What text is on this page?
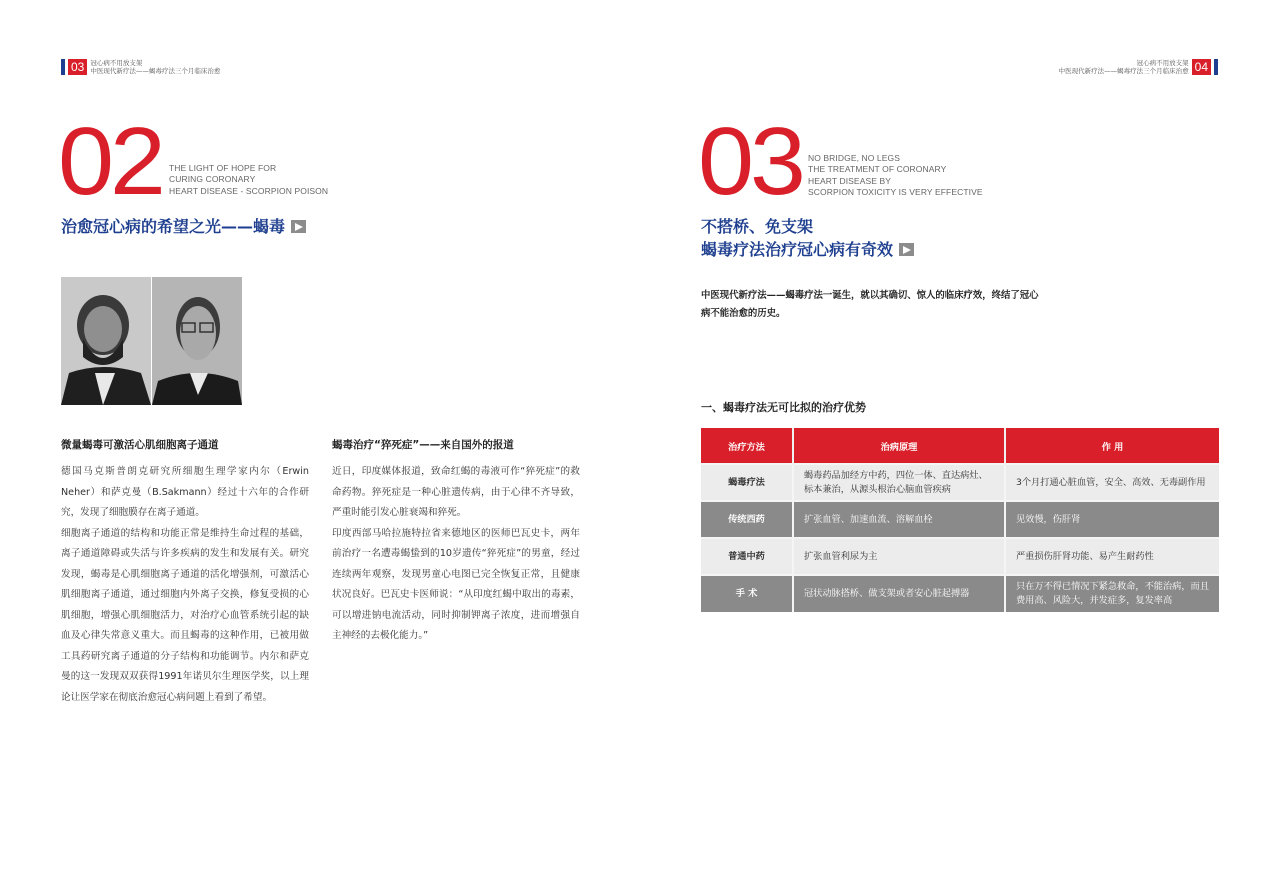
03 冠心病不用放支架
中医现代新疗法——蝎毒疗法三个月临床治愈
02 THE LIGHT OF HOPE FOR
CURING CORONARY
HEART DISEASE - SCORPION POISON
治愈冠心病的希望之光——蝎毒
微量蝎毒可激活心肌细胞离子通道

德国马克斯普朗克研究所细胞生理学家内尔（Erwin Neher）和萨克曼（B.Sakmann）经过十六年的合作研究，发现了细胞膜存在离子通道。

细胞离子通道的结构和功能正常是维持生命过程的基础，离子通道障碍或失活与许多疾病的发生和发展有关。研究发现，蝎毒是心肌细胞离子通道的活化增强剂，可激活心肌细胞离子通道，通过细胞内外离子交换，修复受损的心肌细胞，增强心肌细胞活力，对治疗心血管系统引起的缺血及心律失常意义重大。而且蝎毒的这种作用，已被用做工具药研究离子通道的分子结构和功能调节。内尔和萨克曼的这一发现双双获得1991年诺贝尔生理医学奖，以上理论让医学家在彻底治愈冠心病问题上看到了希望。

蝎毒治疗“猝死症”——来自国外的报道

近日，印度媒体报道，致命红蝎的毒液可作“猝死症”的救命药物。猝死症是一种心脏遗传病，由于心律不齐导致，严重时能引发心脏衰竭和猝死。

印度西部马哈拉施特拉省来德地区的医师巴瓦史卡，两年前治疗一名遭毒蝎蛰到的10岁遗传“猝死症”的男童，经过连续两年观察，发现男童心电图已完全恢复正常，且健康状况良好。巴瓦史卡医师说：“从印度红蝎中取出的毒素，可以增进钠电流活动，同时抑制钾离子浓度，进而增强自主神经的去极化能力。”

04
冠心病不用放支架
中医现代新疗法——蝎毒疗法三个月临床治愈
03 NO BRIDGE, NO LEGS
THE TREATMENT OF CORONARY
HEART DISEASE BY
SCORPION TOXICITY IS VERY EFFECTIVE
不搭桥、免支架
蝎毒疗法治疗冠心病有奇效
中医现代新疗法——蝎毒疗法一诞生，就以其确切、惊人的临床疗效，终结了冠心病不能治愈的历史。
一、蝎毒疗法无可比拟的治疗优势
治疗方法	治病原理	作 用
蝎毒疗法	蝎毒药品加经方中药，四位一体、直达病灶、标本兼治，从源头根治心脑血管疾病	3个月打通心脏血管，安全、高效、无毒副作用
传统西药	扩张血管、加速血流、溶解血栓	见效慢，伤肝肾
普通中药	扩张血管利尿为主	严重损伤肝肾功能、易产生耐药性
手 术	冠状动脉搭桥、做支架或者安心脏起搏器	只在万不得已情况下紧急救命，不能治病，而且费用高、风险大，并发症多，复发率高
